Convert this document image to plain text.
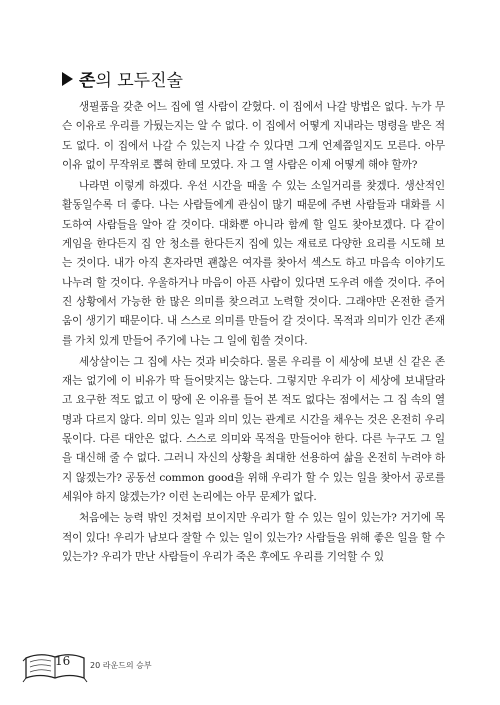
존의 모두진술

생필품을 갖춘 어느 집에 열 사람이 갇혔다. 이 집에서 나갈 방법은 없다. 누가 무슨 이유로 우리를 가뒀는지는 알 수 없다. 이 집에서 어떻게 지내라는 명령을 받은 적도 없다. 이 집에서 나갈 수 있는지 나갈 수 있다면 그게 언제쯤일지도 모른다. 아무 이유 없이 무작위로 뽑혀 한데 모였다. 자 그 열 사람은 이제 어떻게 해야 할까?

나라면 이렇게 하겠다. 우선 시간을 때울 수 있는 소일거리를 찾겠다. 생산적인 활동일수록 더 좋다. 나는 사람들에게 관심이 많기 때문에 주변 사람들과 대화를 시도하여 사람들을 알아 갈 것이다. 대화뿐 아니라 함께 할 일도 찾아보겠다. 다 같이 게임을 한다든지 집 안 청소를 한다든지 집에 있는 재료로 다양한 요리를 시도해 보는 것이다. 내가 아직 혼자라면 괜찮은 여자를 찾아서 섹스도 하고 마음속 이야기도 나누려 할 것이다. 우울하거나 마음이 아픈 사람이 있다면 도우려 애쓸 것이다. 주어진 상황에서 가능한 한 많은 의미를 찾으려고 노력할 것이다. 그래야만 온전한 즐거움이 생기기 때문이다. 내 스스로 의미를 만들어 갈 것이다. 목적과 의미가 인간 존재를 가치 있게 만들어 주기에 나는 그 일에 힘쓸 것이다.

세상살이는 그 집에 사는 것과 비슷하다. 물론 우리를 이 세상에 보낸 신 같은 존재는 없기에 이 비유가 딱 들어맞지는 않는다. 그렇지만 우리가 이 세상에 보내달라고 요구한 적도 없고 이 땅에 온 이유를 들어 본 적도 없다는 점에서는 그 집 속의 열 명과 다르지 않다. 의미 있는 일과 의미 있는 관계로 시간을 채우는 것은 온전히 우리 몫이다. 다른 대안은 없다. 스스로 의미와 목적을 만들어야 한다. 다른 누구도 그 일을 대신해 줄 수 없다. 그러니 자신의 상황을 최대한 선용하여 삶을 온전히 누려야 하지 않겠는가? 공동선 common good을 위해 우리가 할 수 있는 일을 찾아서 공로를 세워야 하지 않겠는가? 이런 논리에는 아무 문제가 없다.

처음에는 능력 밖인 것처럼 보이지만 우리가 할 수 있는 일이 있는가? 거기에 목적이 있다! 우리가 남보다 잘할 수 있는 일이 있는가? 사람들을 위해 좋은 일을 할 수 있는가? 우리가 만난 사람들이 우리가 죽은 후에도 우리를 기억할 수 있

16 20 라운드의 승부
